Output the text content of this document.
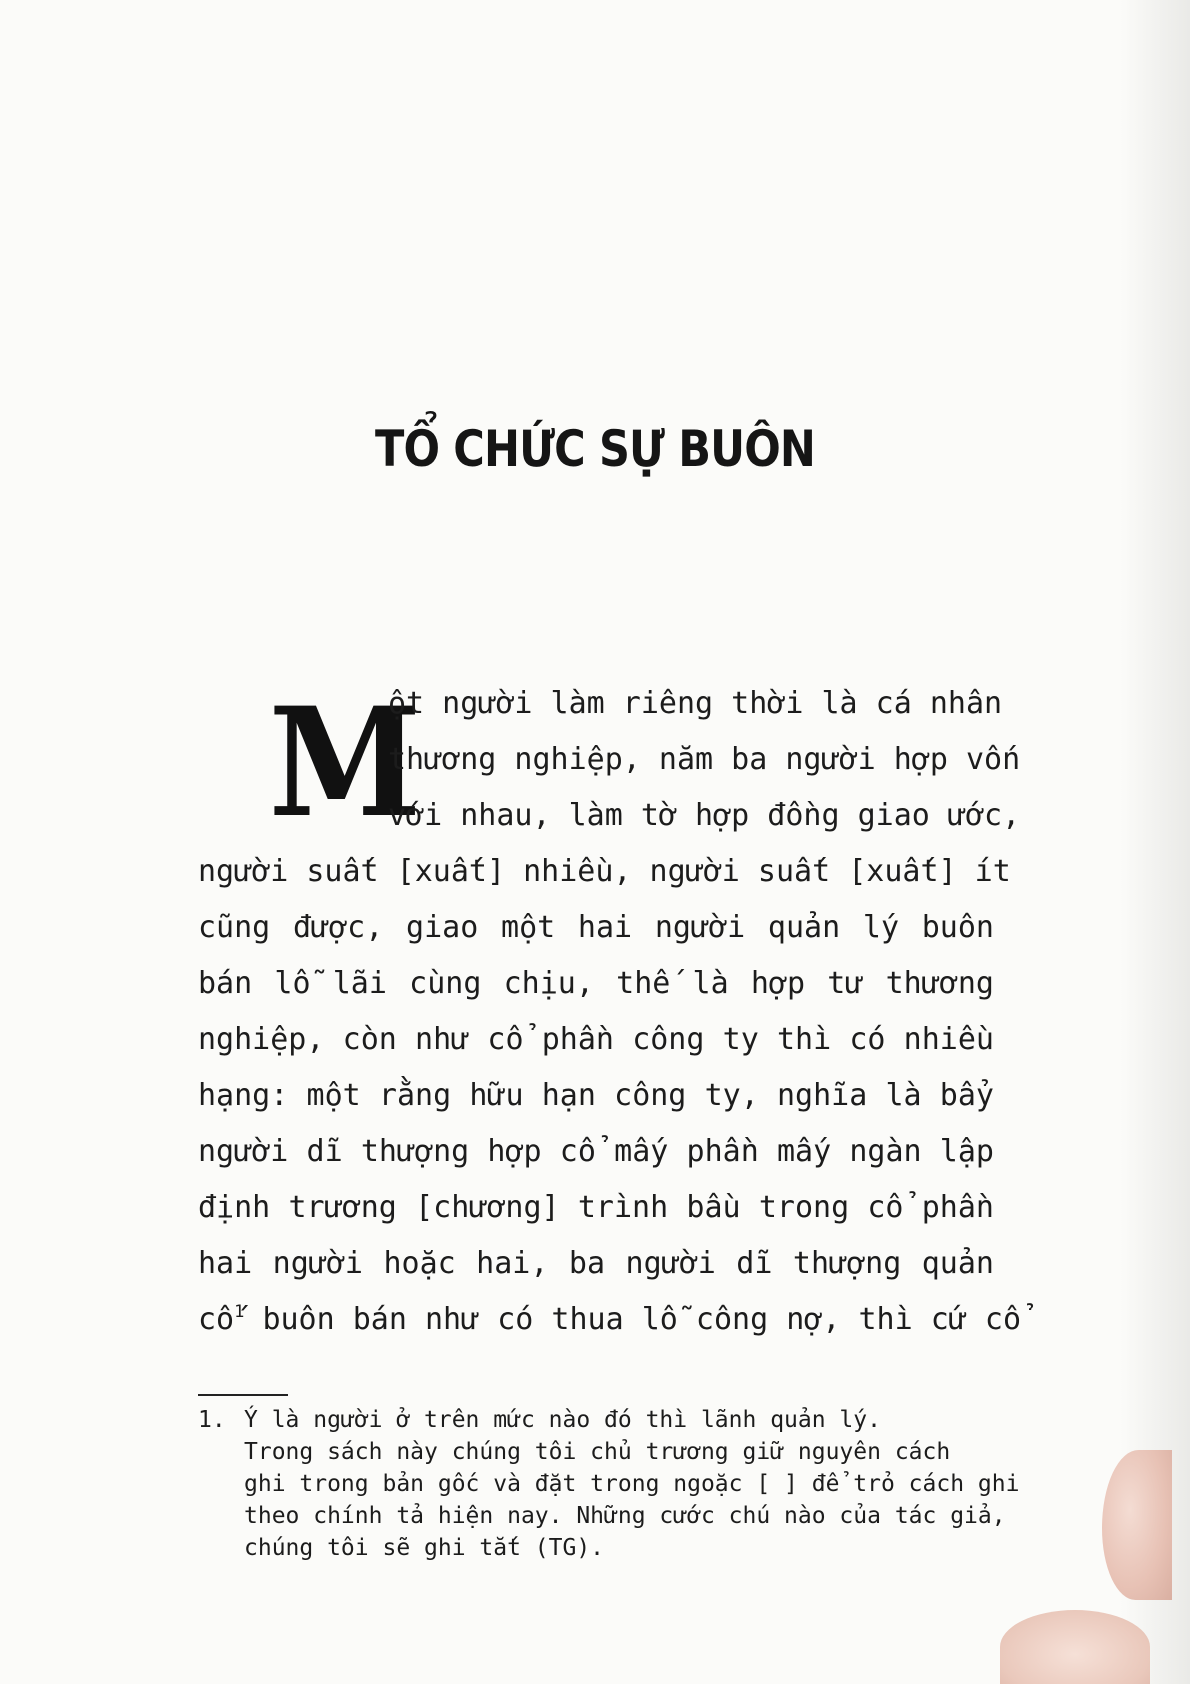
TỔ CHỨC SỰ BUÔN
M
ột người làm riêng thời là cá nhân
thương nghiệp, năm ba người hợp vốn
với nhau, làm tờ hợp đồng giao ước,
người suất [xuất] nhiều, người suất [xuất] ít
cũng được, giao một hai người quản lý buôn
bán lỗ lãi cùng chịu, thế là hợp tư thương
nghiệp, còn như cổ phần công ty thì có nhiều
hạng: một rằng hữu hạn công ty, nghĩa là bẩy
người dĩ thượng hợp cổ mấy phần mấy ngàn lập
định trương [chương] trình bầu trong cổ phần
hai người hoặc hai, ba người dĩ thượng quản
cố$^1$ buôn bán như có thua lỗ công nợ, thì cứ cổ
1. Ý là người ở trên mức nào đó thì lãnh quản lý.
Trong sách này chúng tôi chủ trương giữ nguyên cách
ghi trong bản gốc và đặt trong ngoặc [ ] để trỏ cách ghi
theo chính tả hiện nay. Những cước chú nào của tác giả,
chúng tôi sẽ ghi tắt (TG).
